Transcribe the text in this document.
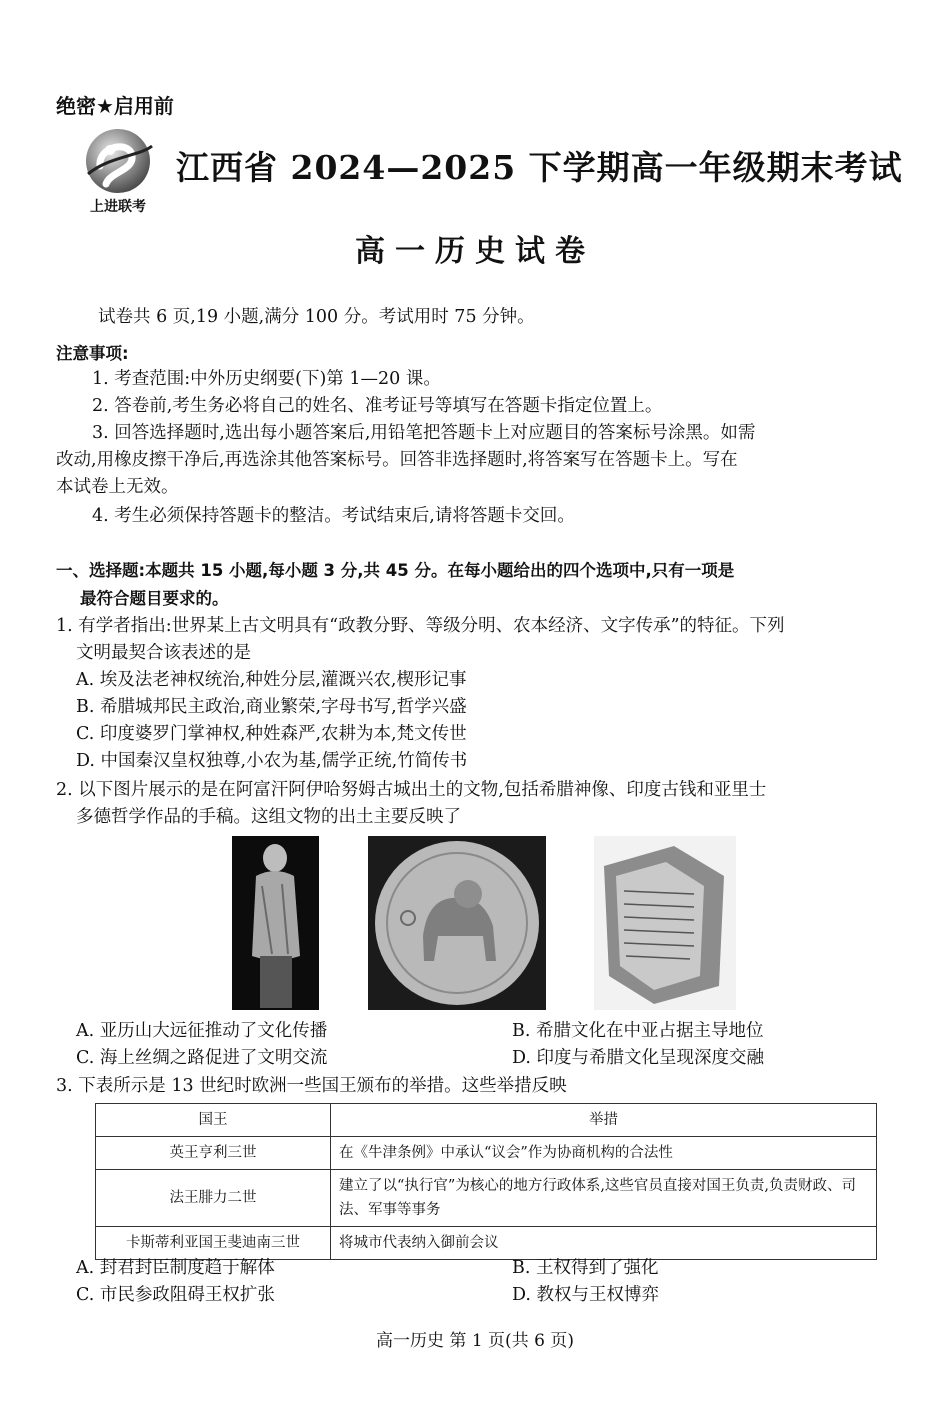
绝密★启用前
上进联考
江西省 2024—2025 下学期高一年级期末考试
高一历史试卷
试卷共 6 页,19 小题,满分 100 分。考试用时 75 分钟。
注意事项:
1. 考查范围:中外历史纲要(下)第 1—20 课。
2. 答卷前,考生务必将自己的姓名、准考证号等填写在答题卡指定位置上。
3. 回答选择题时,选出每小题答案后,用铅笔把答题卡上对应题目的答案标号涂黑。如需
改动,用橡皮擦干净后,再选涂其他答案标号。回答非选择题时,将答案写在答题卡上。写在
本试卷上无效。
4. 考生必须保持答题卡的整洁。考试结束后,请将答题卡交回。
一、选择题:本题共 15 小题,每小题 3 分,共 45 分。在每小题给出的四个选项中,只有一项是
最符合题目要求的。
1. 有学者指出:世界某上古文明具有“政教分野、等级分明、农本经济、文字传承”的特征。下列
文明最契合该表述的是
A. 埃及法老神权统治,种姓分层,灌溉兴农,楔形记事
B. 希腊城邦民主政治,商业繁荣,字母书写,哲学兴盛
C. 印度婆罗门掌神权,种姓森严,农耕为本,梵文传世
D. 中国秦汉皇权独尊,小农为基,儒学正统,竹简传书
2. 以下图片展示的是在阿富汗阿伊哈努姆古城出土的文物,包括希腊神像、印度古钱和亚里士
多德哲学作品的手稿。这组文物的出土主要反映了
A. 亚历山大远征推动了文化传播	B. 希腊文化在中亚占据主导地位
C. 海上丝绸之路促进了文明交流	D. 印度与希腊文化呈现深度交融
3. 下表所示是 13 世纪时欧洲一些国王颁布的举措。这些举措反映
国王	举措
英王亨利三世	在《牛津条例》中承认“议会”作为协商机构的合法性
法王腓力二世	建立了以“执行官”为核心的地方行政体系,这些官员直接对国王负责,负责财政、司法、军事等事务
卡斯蒂利亚国王斐迪南三世	将城市代表纳入御前会议
A. 封君封臣制度趋于解体	B. 王权得到了强化
C. 市民参政阻碍王权扩张	D. 教权与王权博弈
高一历史 第 1 页(共 6 页)
